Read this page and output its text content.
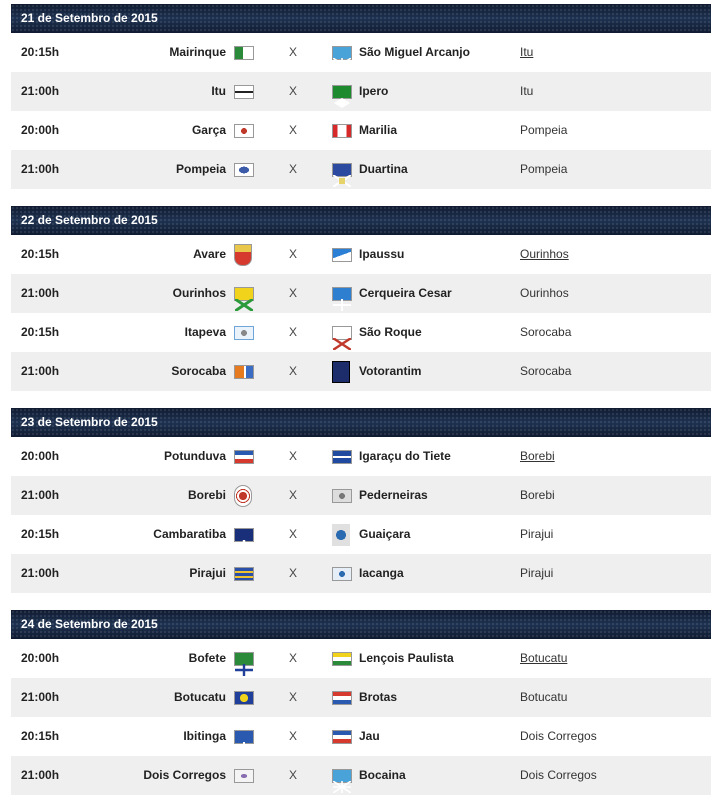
21 de Setembro de 2015
20:15h	Mairinque	X	São Miguel Arcanjo	Itu
21:00h	Itu	X	Ipero	Itu
20:00h	Garça	X	Marilia	Pompeia
21:00h	Pompeia	X	Duartina	Pompeia
22 de Setembro de 2015
20:15h	Avare	X	Ipaussu	Ourinhos
21:00h	Ourinhos	X	Cerqueira Cesar	Ourinhos
20:15h	Itapeva	X	São Roque	Sorocaba
21:00h	Sorocaba	X	Votorantim	Sorocaba
23 de Setembro de 2015
20:00h	Potunduva	X	Igaraçu do Tiete	Borebi
21:00h	Borebi	X	Pederneiras	Borebi
20:15h	Cambaratiba	X	Guaiçara	Pirajui
21:00h	Pirajui	X	Iacanga	Pirajui
24 de Setembro de 2015
20:00h	Bofete	X	Lençois Paulista	Botucatu
21:00h	Botucatu	X	Brotas	Botucatu
20:15h	Ibitinga	X	Jau	Dois Corregos
21:00h	Dois Corregos	X	Bocaina	Dois Corregos
